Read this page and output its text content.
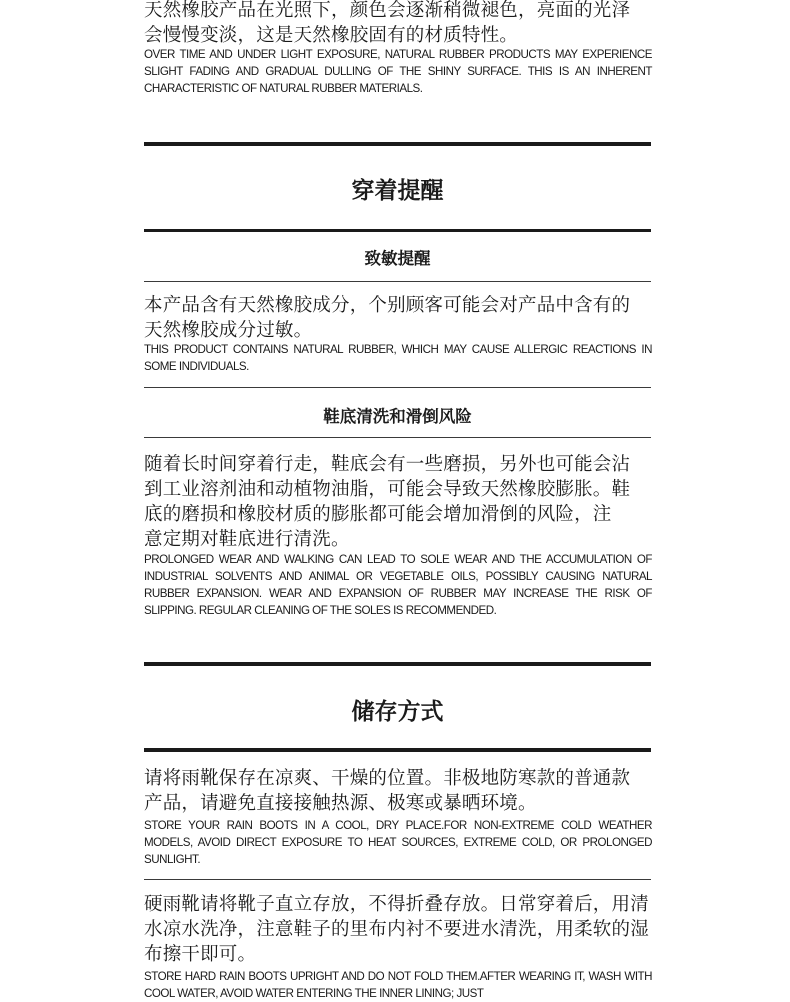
天然橡胶产品在光照下，颜色会逐渐稍微褪色，亮面的光泽
会慢慢变淡，这是天然橡胶固有的材质特性。
OVER TIME AND UNDER LIGHT EXPOSURE, NATURAL RUBBER PRODUCTS MAY EXPERIENCE SLIGHT FADING AND GRADUAL DULLING OF THE SHINY SURFACE. THIS IS AN INHERENT CHARACTERISTIC OF NATURAL RUBBER MATERIALS.
穿着提醒
致敏提醒
本产品含有天然橡胶成分，个别顾客可能会对产品中含有的
天然橡胶成分过敏。
THIS PRODUCT CONTAINS NATURAL RUBBER, WHICH MAY CAUSE ALLERGIC REACTIONS IN SOME INDIVIDUALS.
鞋底清洗和滑倒风险
随着长时间穿着行走，鞋底会有一些磨损，另外也可能会沾
到工业溶剂油和动植物油脂，可能会导致天然橡胶膨胀。鞋
底的磨损和橡胶材质的膨胀都可能会增加滑倒的风险，注
意定期对鞋底进行清洗。
PROLONGED WEAR AND WALKING CAN LEAD TO SOLE WEAR AND THE ACCUMULATION OF INDUSTRIAL SOLVENTS AND ANIMAL OR VEGETABLE OILS, POSSIBLY CAUSING NATURAL RUBBER EXPANSION. WEAR AND EXPANSION OF RUBBER MAY INCREASE THE RISK OF SLIPPING. REGULAR CLEANING OF THE SOLES IS RECOMMENDED.
储存方式
请将雨靴保存在凉爽、干燥的位置。非极地防寒款的普通款
产品，请避免直接接触热源、极寒或暴晒环境。
STORE YOUR RAIN BOOTS IN A COOL, DRY PLACE.FOR NON-EXTREME COLD WEATHER MODELS, AVOID DIRECT EXPOSURE TO HEAT SOURCES, EXTREME COLD, OR PROLONGED SUNLIGHT.
硬雨靴请将靴子直立存放，不得折叠存放。日常穿着后，用清
水凉水洗净，注意鞋子的里布内衬不要进水清洗，用柔软的湿
布擦干即可。
STORE HARD RAIN BOOTS UPRIGHT AND DO NOT FOLD THEM.AFTER WEARING IT, WASH WITH COOL WATER, AVOID WATER ENTERING THE INNER LINING; JUST
